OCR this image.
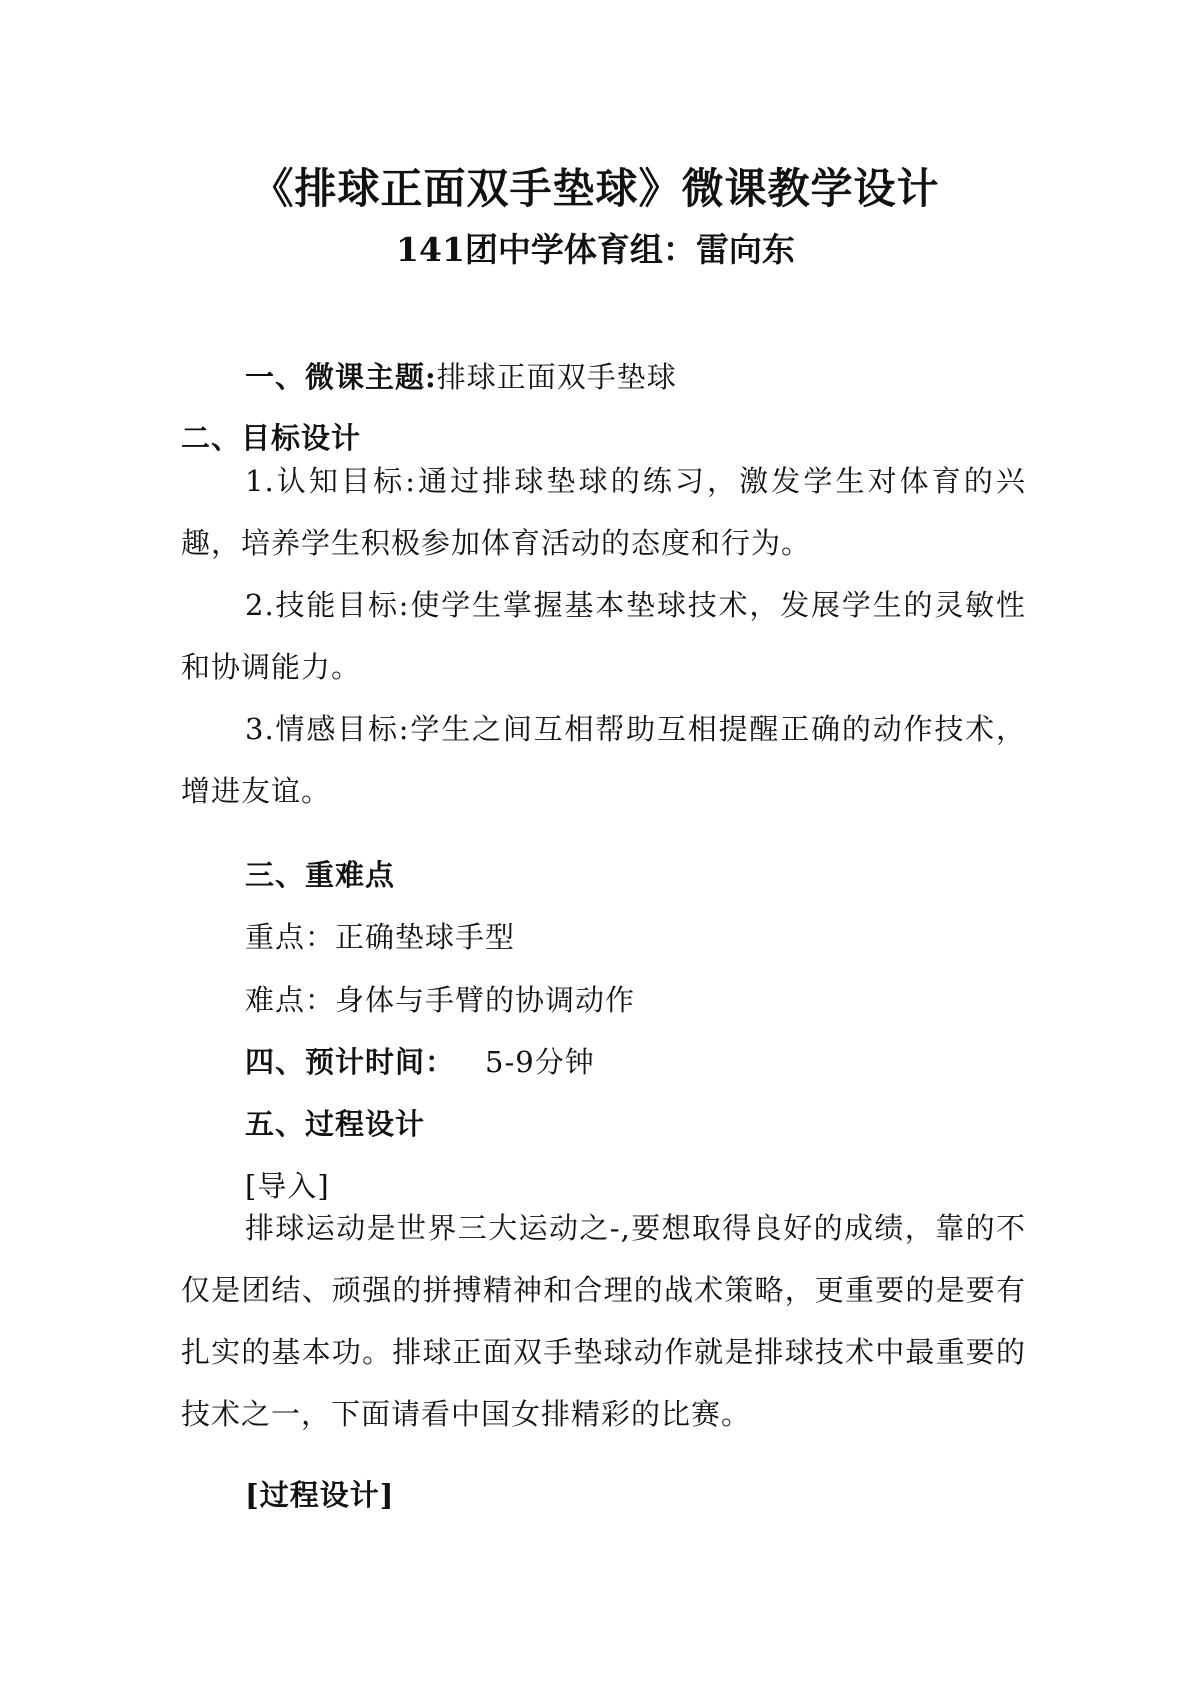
《排球正面双手垫球》微课教学设计
141团中学体育组：雷向东
一、微课主题:排球正面双手垫球
二、目标设计

1.认知目标:通过排球垫球的练习，激发学生对体育的兴趣，培养学生积极参加体育活动的态度和行为。

2.技能目标:使学生掌握基本垫球技术，发展学生的灵敏性和协调能力。

3.情感目标:学生之间互相帮助互相提醒正确的动作技术，增进友谊。

三、重难点
重点：正确垫球手型
难点：身体与手臂的协调动作
四、预计时间： 5-9分钟
五、过程设计
[导入]

排球运动是世界三大运动之-,要想取得良好的成绩，靠的不仅是团结、顽强的拼搏精神和合理的战术策略，更重要的是要有扎实的基本功。排球正面双手垫球动作就是排球技术中最重要的技术之一，下面请看中国女排精彩的比赛。

[过程设计]
